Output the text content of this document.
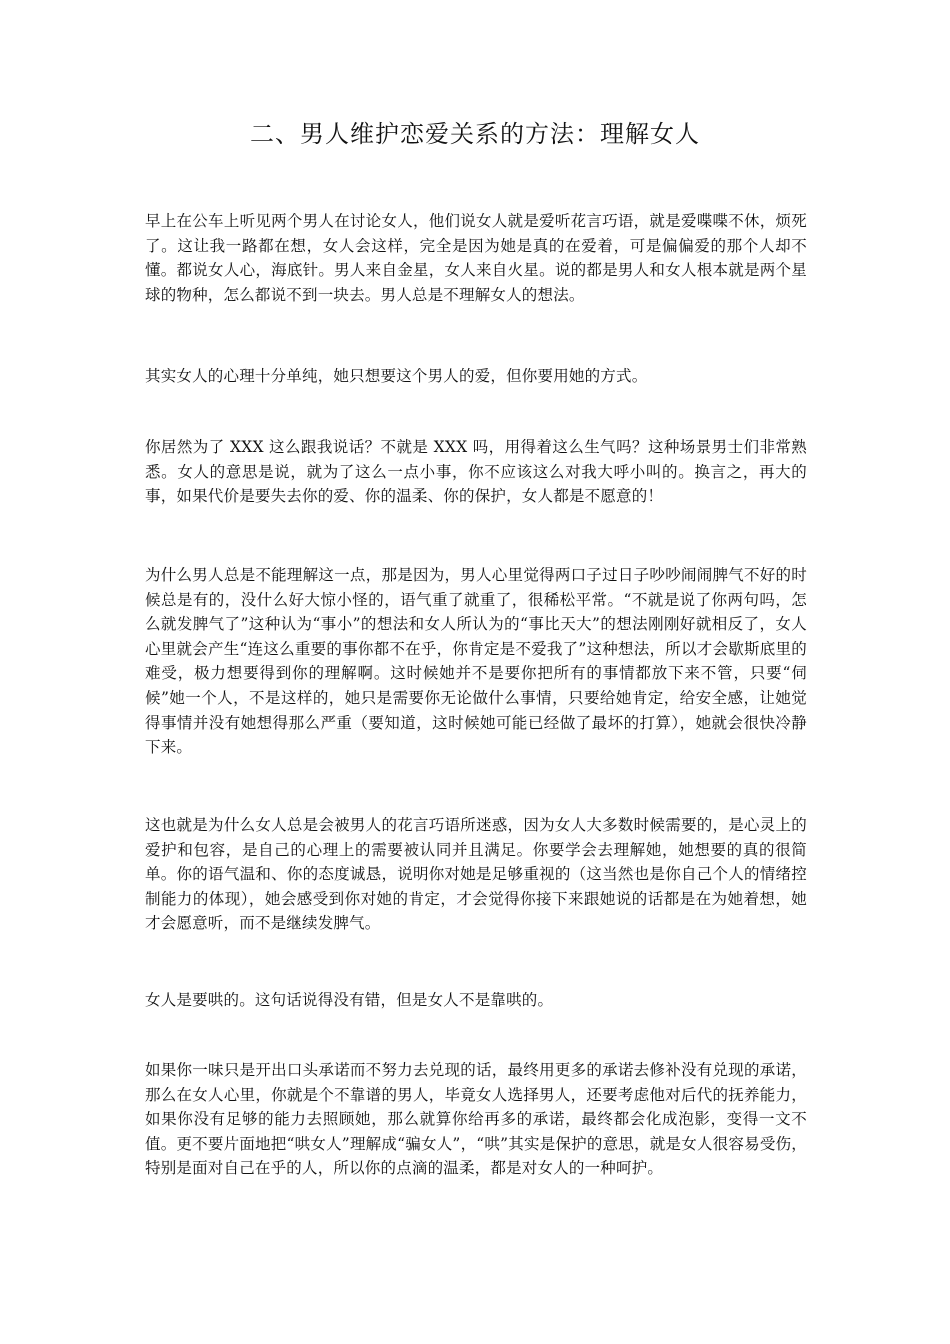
二、男人维护恋爱关系的方法：理解女人

早上在公车上听见两个男人在讨论女人，他们说女人就是爱听花言巧语，就是爱喋喋不休，烦死了。这让我一路都在想，女人会这样，完全是因为她是真的在爱着，可是偏偏爱的那个人却不懂。都说女人心，海底针。男人来自金星，女人来自火星。说的都是男人和女人根本就是两个星球的物种，怎么都说不到一块去。男人总是不理解女人的想法。

其实女人的心理十分单纯，她只想要这个男人的爱，但你要用她的方式。

你居然为了 XXX 这么跟我说话？不就是 XXX 吗，用得着这么生气吗？这种场景男士们非常熟悉。女人的意思是说，就为了这么一点小事，你不应该这么对我大呼小叫的。换言之，再大的事，如果代价是要失去你的爱、你的温柔、你的保护，女人都是不愿意的！

为什么男人总是不能理解这一点，那是因为，男人心里觉得两口子过日子吵吵闹闹脾气不好的时候总是有的，没什么好大惊小怪的，语气重了就重了，很稀松平常。“不就是说了你两句吗，怎么就发脾气了”这种认为“事小”的想法和女人所认为的“事比天大”的想法刚刚好就相反了，女人心里就会产生“连这么重要的事你都不在乎，你肯定是不爱我了”这种想法，所以才会歇斯底里的难受，极力想要得到你的理解啊。这时候她并不是要你把所有的事情都放下来不管，只要“伺候”她一个人，不是这样的，她只是需要你无论做什么事情，只要给她肯定，给安全感，让她觉得事情并没有她想得那么严重（要知道，这时候她可能已经做了最坏的打算），她就会很快冷静下来。

这也就是为什么女人总是会被男人的花言巧语所迷惑，因为女人大多数时候需要的，是心灵上的爱护和包容，是自己的心理上的需要被认同并且满足。你要学会去理解她，她想要的真的很简单。你的语气温和、你的态度诚恳，说明你对她是足够重视的（这当然也是你自己个人的情绪控制能力的体现），她会感受到你对她的肯定，才会觉得你接下来跟她说的话都是在为她着想，她才会愿意听，而不是继续发脾气。

女人是要哄的。这句话说得没有错，但是女人不是靠哄的。

如果你一味只是开出口头承诺而不努力去兑现的话，最终用更多的承诺去修补没有兑现的承诺，那么在女人心里，你就是个不靠谱的男人，毕竟女人选择男人，还要考虑他对后代的抚养能力，如果你没有足够的能力去照顾她，那么就算你给再多的承诺，最终都会化成泡影，变得一文不值。更不要片面地把“哄女人”理解成“骗女人”，“哄”其实是保护的意思，就是女人很容易受伤，特别是面对自己在乎的人，所以你的点滴的温柔，都是对女人的一种呵护。
